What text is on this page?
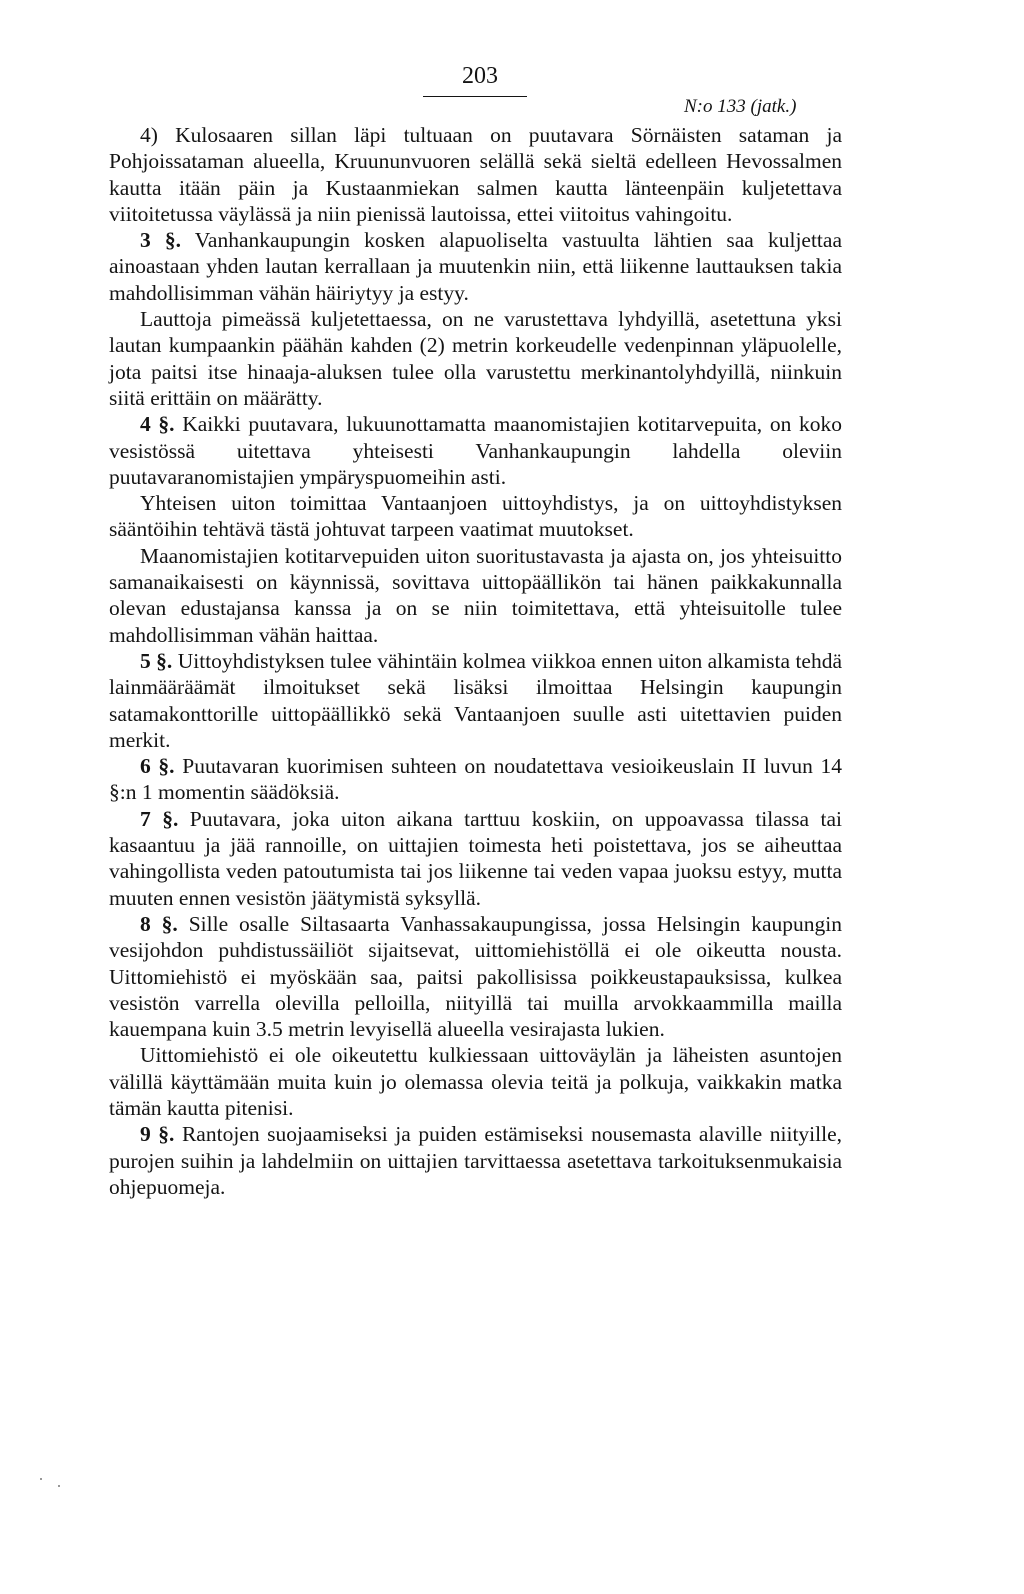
203
N:o 133 (jatk.)

4) Kulosaaren sillan läpi tultuaan on puutavara Sörnäisten sataman ja Pohjoissataman alueella, Kruununvuoren selällä sekä sieltä edelleen Hevossalmen kautta itään päin ja Kustaanmiekan salmen kautta länteenpäin kuljetettava viitoitetussa väylässä ja niin pienissä lautoissa, ettei viitoitus vahingoitu.

3 §. Vanhankaupungin kosken alapuoliselta vastuulta lähtien saa kuljettaa ainoastaan yhden lautan kerrallaan ja muutenkin niin, että liikenne lauttauksen takia mahdollisimman vähän häiriytyy ja estyy.

Lauttoja pimeässä kuljetettaessa, on ne varustettava lyhdyillä, asetettuna yksi lautan kumpaankin päähän kahden (2) metrin korkeudelle vedenpinnan yläpuolelle, jota paitsi itse hinaaja-aluksen tulee olla varustettu merkinantolyhdyillä, niinkuin siitä erittäin on määrätty.

4 §. Kaikki puutavara, lukuunottamatta maanomistajien kotitarvepuita, on koko vesistössä uitettava yhteisesti Vanhankaupungin lahdella oleviin puutavaranomistajien ympäryspuomeihin asti.

Yhteisen uiton toimittaa Vantaanjoen uittoyhdistys, ja on uittoyhdistyksen sääntöihin tehtävä tästä johtuvat tarpeen vaatimat muutokset.

Maanomistajien kotitarvepuiden uiton suoritustavasta ja ajasta on, jos yhteisuitto samanaikaisesti on käynnissä, sovittava uittopäällikön tai hänen paikkakunnalla olevan edustajansa kanssa ja on se niin toimitettava, että yhteisuitolle tulee mahdollisimman vähän haittaa.

5 §. Uittoyhdistyksen tulee vähintäin kolmea viikkoa ennen uiton alkamista tehdä lainmääräämät ilmoitukset sekä lisäksi ilmoittaa Helsingin kaupungin satamakonttorille uittopäällikkö sekä Vantaanjoen suulle asti uitettavien puiden merkit.

6 §. Puutavaran kuorimisen suhteen on noudatettava vesioikeuslain II luvun 14 §:n 1 momentin säädöksiä.

7 §. Puutavara, joka uiton aikana tarttuu koskiin, on uppoavassa tilassa tai kasaantuu ja jää rannoille, on uittajien toimesta heti poistettava, jos se aiheuttaa vahingollista veden patoutumista tai jos liikenne tai veden vapaa juoksu estyy, mutta muuten ennen vesistön jäätymistä syksyllä.

8 §. Sille osalle Siltasaarta Vanhassakaupungissa, jossa Helsingin kaupungin vesijohdon puhdistussäiliöt sijaitsevat, uittomiehistöllä ei ole oikeutta nousta. Uittomiehistö ei myöskään saa, paitsi pakollisissa poikkeustapauksissa, kulkea vesistön varrella olevilla pelloilla, niityillä tai muilla arvokkaammilla mailla kauempana kuin 3.5 metrin levyisellä alueella vesirajasta lukien.

Uittomiehistö ei ole oikeutettu kulkiessaan uittoväylän ja läheisten asuntojen välillä käyttämään muita kuin jo olemassa olevia teitä ja polkuja, vaikkakin matka tämän kautta pitenisi.

9 §. Rantojen suojaamiseksi ja puiden estämiseksi nousemasta alaville niityille, purojen suihin ja lahdelmiin on uittajien tarvittaessa asetettava tarkoituksenmukaisia ohjepuomeja.
